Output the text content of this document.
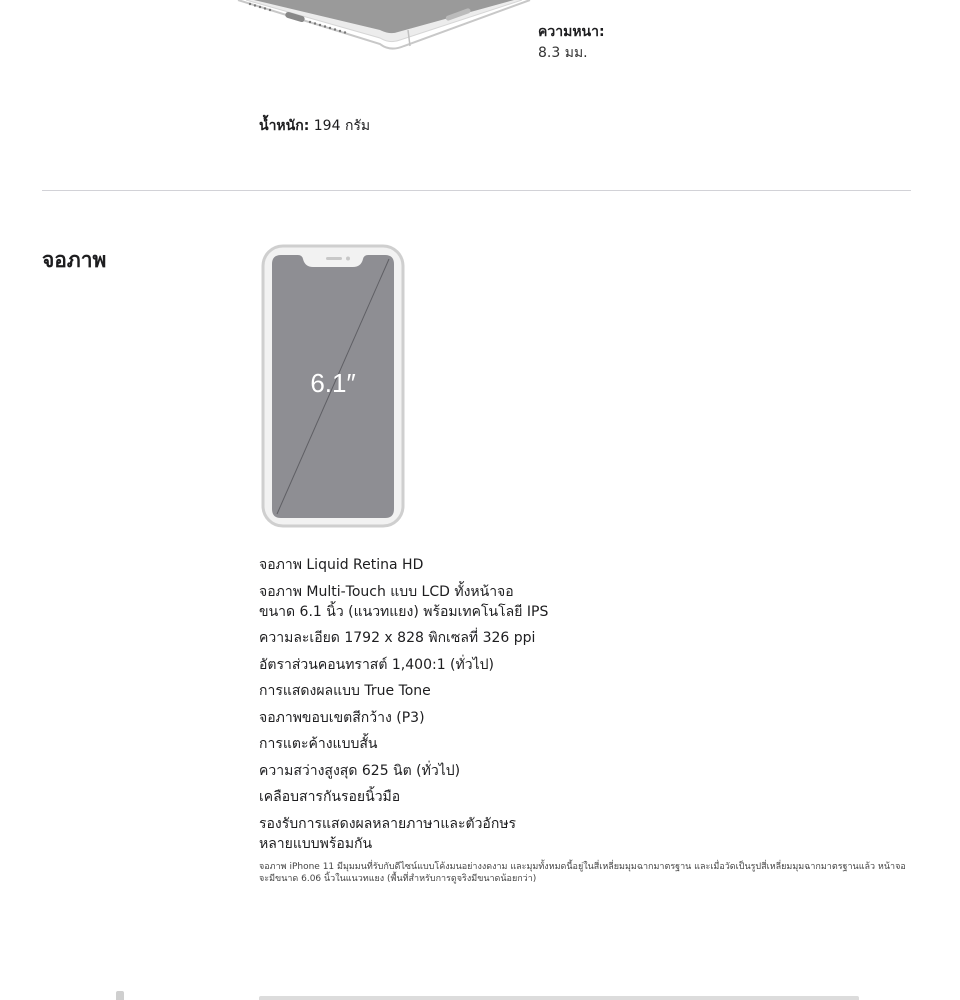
ความหนา:
8.3 มม.
น้ำหนัก: 194 กรัม
จอภาพ
6.1″
จอภาพ Liquid Retina HD
จอภาพ Multi‑Touch แบบ LCD ทั้งหน้าจอ
ขนาด 6.1 นิ้ว (แนวทแยง) พร้อมเทคโนโลยี IPS
ความละเอียด 1792 x 828 พิกเซลที่ 326 ppi
อัตราส่วนคอนทราสต์ 1,400:1 (ทั่วไป)
การแสดงผลแบบ True Tone
จอภาพขอบเขตสีกว้าง (P3)
การแตะค้างแบบสั้น
ความสว่างสูงสุด 625 นิต (ทั่วไป)
เคลือบสารกันรอยนิ้วมือ
รองรับการแสดงผลหลายภาษาและตัวอักษร
หลายแบบพร้อมกัน
จอภาพ iPhone 11 มีมุมมนที่รับกับดีไซน์แบบโค้งมนอย่างงดงาม และมุมทั้งหมดนี้อยู่ในสี่เหลี่ยมมุมฉากมาตรฐาน และเมื่อวัดเป็นรูปสี่เหลี่ยมมุมฉากมาตรฐานแล้ว หน้าจอจะมีขนาด 6.06 นิ้วในแนวทแยง (พื้นที่สำหรับการดูจริงมีขนาดน้อยกว่า)
